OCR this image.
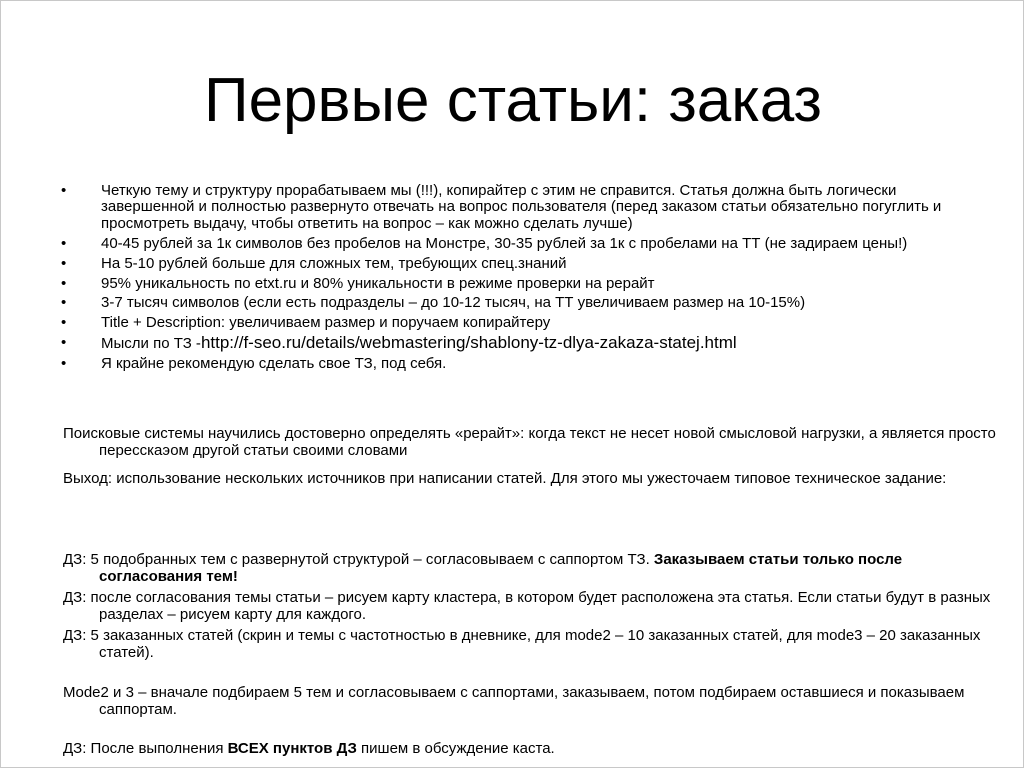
Первые статьи: заказ
• Четкую тему и структуру прорабатываем мы (!!!), копирайтер с этим не справится. Статья должна быть логически завершенной и полностью развернуто отвечать на вопрос пользователя (перед заказом статьи обязательно погуглить и просмотреть выдачу, чтобы ответить на вопрос – как можно сделать лучше)
• 40-45 рублей за 1к символов без пробелов на Монстре, 30-35 рублей за 1к с пробелами на ТТ (не задираем цены!)
• На 5-10 рублей больше для сложных тем, требующих спец.знаний
• 95% уникальность по etxt.ru и 80% уникальности в режиме проверки на рерайт
• 3-7 тысяч символов (если есть подразделы – до 10-12 тысяч, на ТТ увеличиваем размер на 10-15%)
• Title + Description: увеличиваем размер и поручаем копирайтеру
• Мысли по ТЗ -http://f-seo.ru/details/webmastering/shablony-tz-dlya-zakaza-statej.html
• Я крайне рекомендую сделать свое ТЗ, под себя.

Поисковые системы научились достоверно определять «рерайт»: когда текст не несет новой смысловой нагрузки, а является просто пересскаэом другой статьи своими словами

Выход: использование нескольких источников при написании статей. Для этого мы ужесточаем типовое техническое задание:

ДЗ: 5 подобранных тем с развернутой структурой – согласовываем с саппортом ТЗ. Заказываем статьи только после согласования тем!

ДЗ: после согласования темы статьи – рисуем карту кластера, в котором будет расположена эта статья. Если статьи будут в разных разделах – рисуем карту для каждого.

ДЗ: 5 заказанных статей (скрин и темы с частотностью в дневнике, для mode2 – 10 заказанных статей, для mode3 – 20 заказанных статей).

Mode2 и 3 – вначале подбираем 5 тем и согласовываем с саппортами, заказываем, потом подбираем оставшиеся и показываем саппортам.

ДЗ: После выполнения ВСЕХ пунктов ДЗ пишем в обсуждение каста.
